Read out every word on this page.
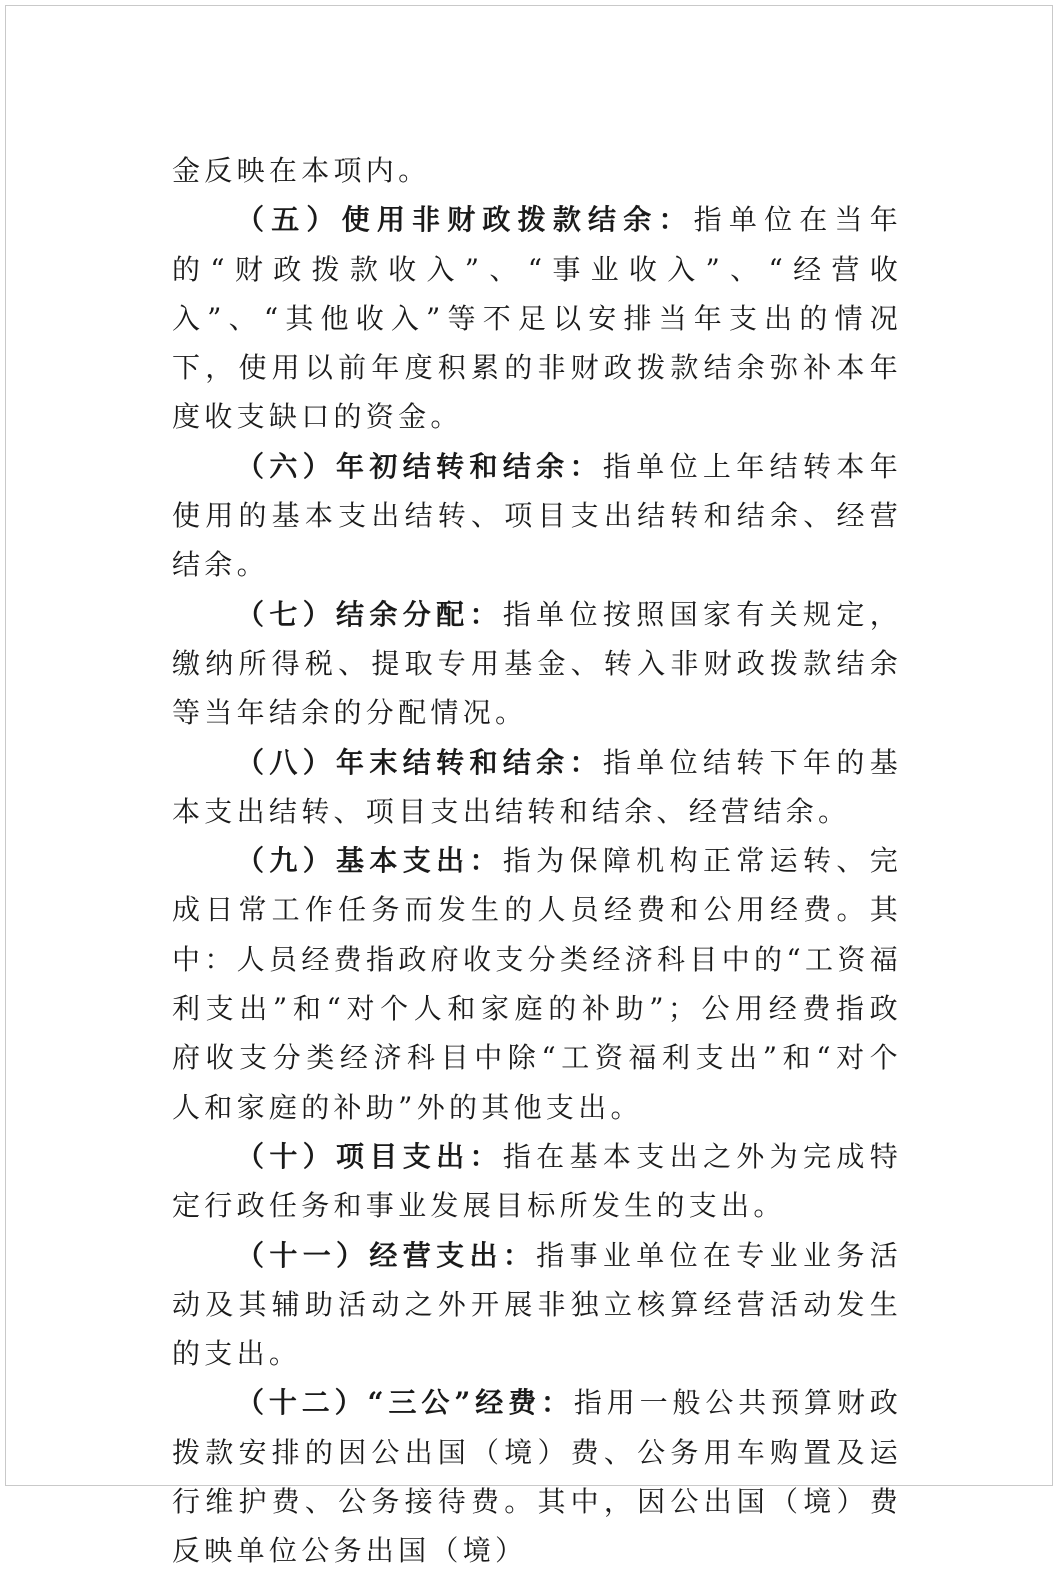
金反映在本项内。

（五）使用非财政拨款结余：指单位在当年的“财政拨款收入”、“事业收入”、“经营收入”、“其他收入”等不足以安排当年支出的情况下，使用以前年度积累的非财政拨款结余弥补本年度收支缺口的资金。

（六）年初结转和结余：指单位上年结转本年使用的基本支出结转、项目支出结转和结余、经营结余。

（七）结余分配：指单位按照国家有关规定，缴纳所得税、提取专用基金、转入非财政拨款结余等当年结余的分配情况。

（八）年末结转和结余：指单位结转下年的基本支出结转、项目支出结转和结余、经营结余。

（九）基本支出：指为保障机构正常运转、完成日常工作任务而发生的人员经费和公用经费。其中：人员经费指政府收支分类经济科目中的“工资福利支出”和“对个人和家庭的补助”；公用经费指政府收支分类经济科目中除“工资福利支出”和“对个人和家庭的补助”外的其他支出。

（十）项目支出：指在基本支出之外为完成特定行政任务和事业发展目标所发生的支出。

（十一）经营支出：指事业单位在专业业务活动及其辅助活动之外开展非独立核算经营活动发生的支出。

（十二）“三公”经费：指用一般公共预算财政拨款安排的因公出国（境）费、公务用车购置及运行维护费、公务接待费。其中，因公出国（境）费反映单位公务出国（境）
